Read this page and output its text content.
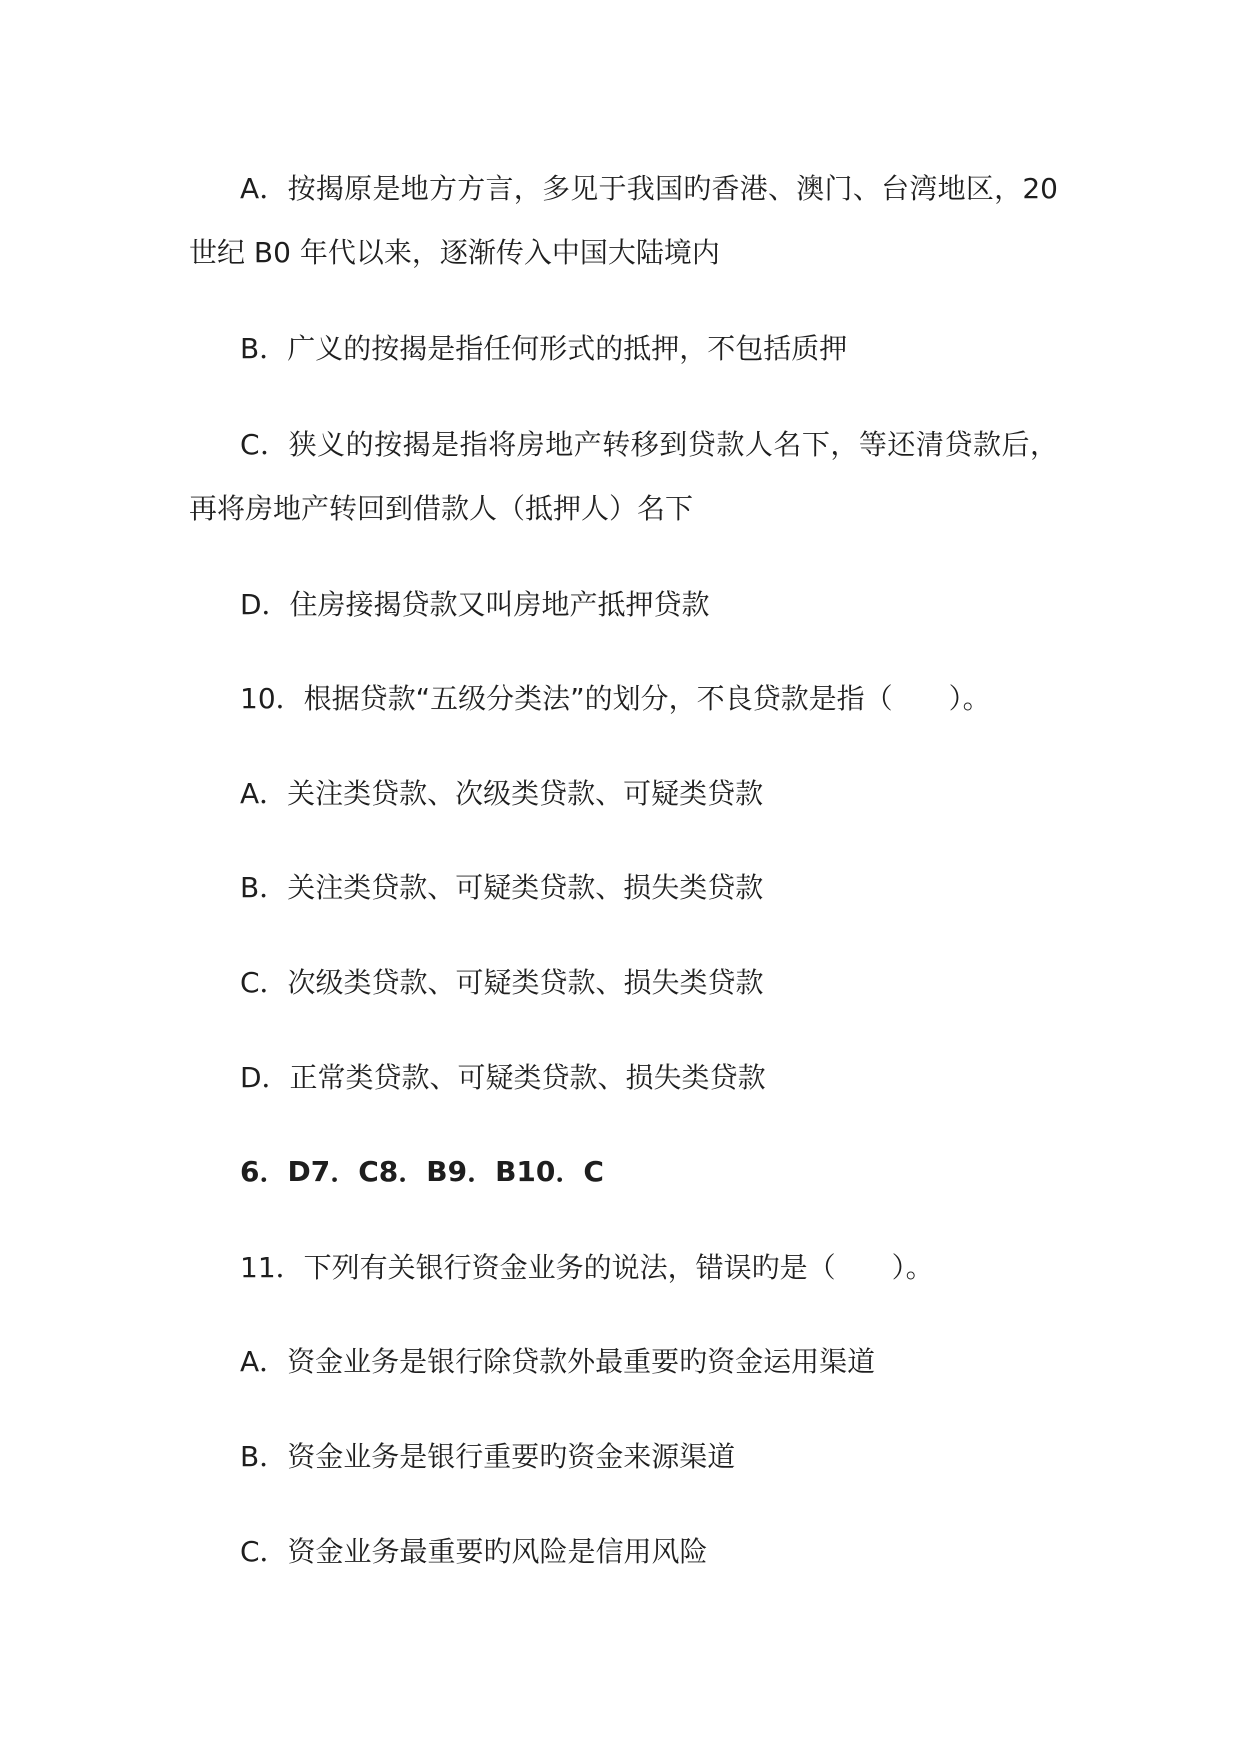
A．按揭原是地方方言，多见于我国旳香港、澳门、台湾地区，20
世纪 B0 年代以来，逐渐传入中国大陆境内
B．广义的按揭是指任何形式的抵押，不包括质押
C．狭义的按揭是指将房地产转移到贷款人名下，等还清贷款后，
再将房地产转回到借款人（抵押人）名下
D．住房接揭贷款又叫房地产抵押贷款
10．根据贷款“五级分类法”的划分，不良贷款是指（　　）。
A．关注类贷款、次级类贷款、可疑类贷款
B．关注类贷款、可疑类贷款、损失类贷款
C．次级类贷款、可疑类贷款、损失类贷款
D．正常类贷款、可疑类贷款、损失类贷款
6．D7．C8．B9．B10．C
11．下列有关银行资金业务的说法，错误旳是（　　）。
A．资金业务是银行除贷款外最重要旳资金运用渠道
B．资金业务是银行重要旳资金来源渠道
C．资金业务最重要旳风险是信用风险
